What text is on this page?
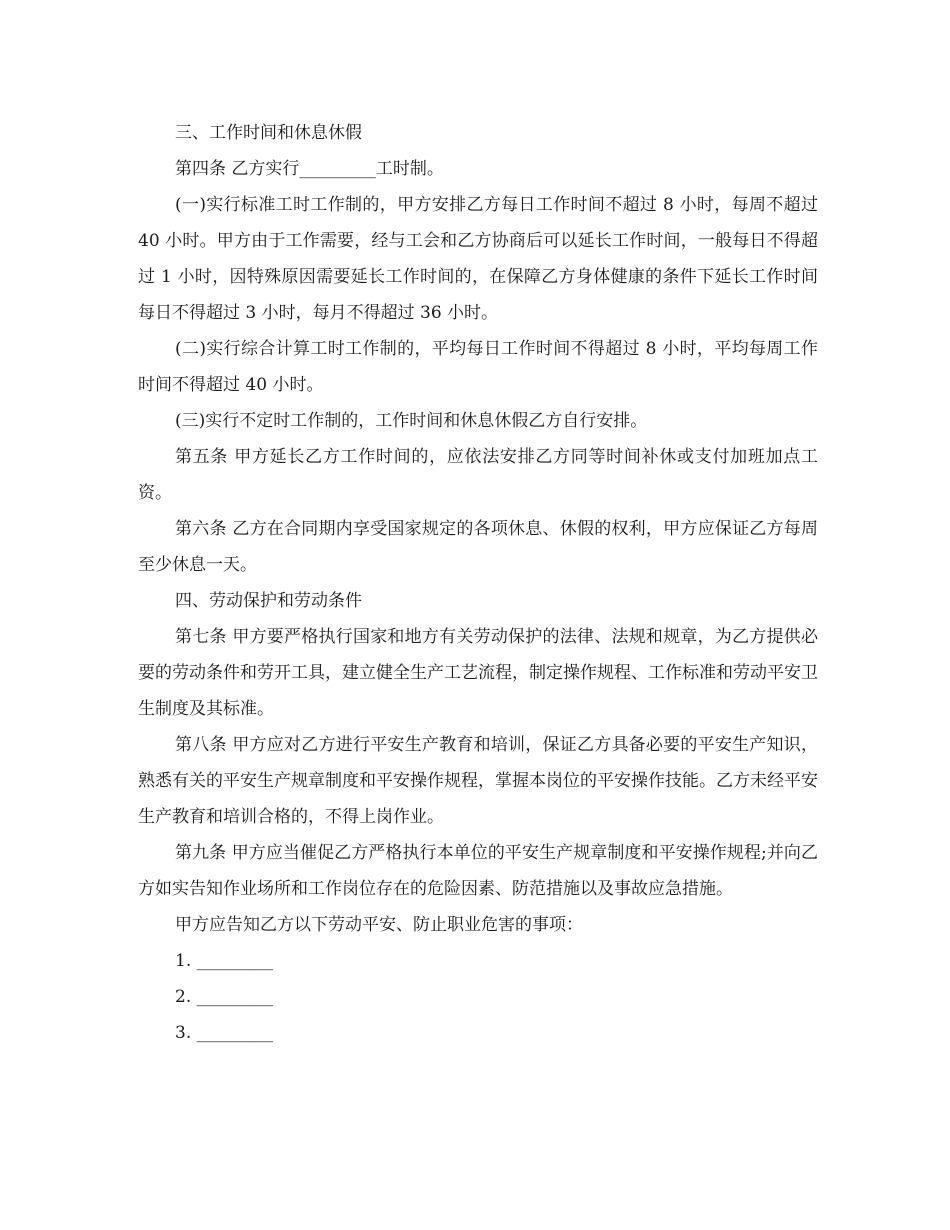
三、工作时间和休息休假

第四条 乙方实行_________工时制。

(一)实行标准工时工作制的，甲方安排乙方每日工作时间不超过 8 小时，每周不超过 40 小时。甲方由于工作需要，经与工会和乙方协商后可以延长工作时间，一般每日不得超过 1 小时，因特殊原因需要延长工作时间的，在保障乙方身体健康的条件下延长工作时间每日不得超过 3 小时，每月不得超过 36 小时。

(二)实行综合计算工时工作制的，平均每日工作时间不得超过 8 小时，平均每周工作时间不得超过 40 小时。

(三)实行不定时工作制的，工作时间和休息休假乙方自行安排。

第五条 甲方延长乙方工作时间的，应依法安排乙方同等时间补休或支付加班加点工资。

第六条 乙方在合同期内享受国家规定的各项休息、休假的权利，甲方应保证乙方每周至少休息一天。

四、劳动保护和劳动条件

第七条 甲方要严格执行国家和地方有关劳动保护的法律、法规和规章，为乙方提供必要的劳动条件和劳开工具，建立健全生产工艺流程，制定操作规程、工作标准和劳动平安卫生制度及其标准。

第八条 甲方应对乙方进行平安生产教育和培训，保证乙方具备必要的平安生产知识，熟悉有关的平安生产规章制度和平安操作规程，掌握本岗位的平安操作技能。乙方未经平安生产教育和培训合格的，不得上岗作业。

第九条 甲方应当催促乙方严格执行本单位的平安生产规章制度和平安操作规程;并向乙方如实告知作业场所和工作岗位存在的危险因素、防范措施以及事故应急措施。

甲方应告知乙方以下劳动平安、防止职业危害的事项：

1. _________

2. _________

3. _________
